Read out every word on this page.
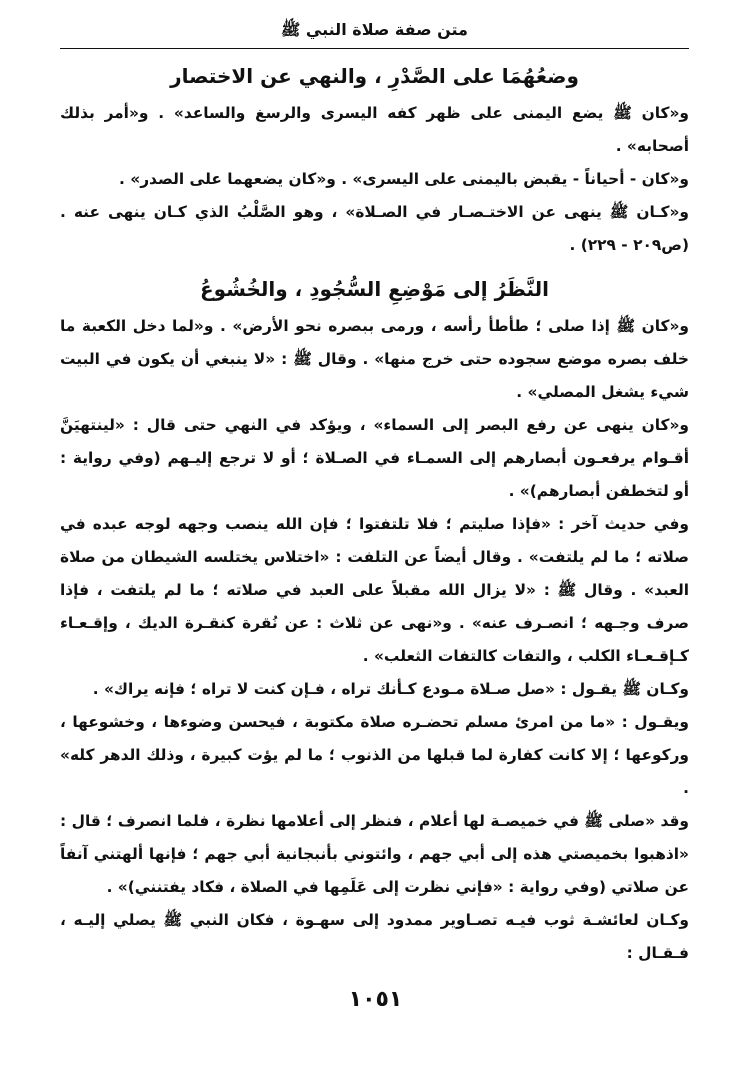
متن صفة صلاة النبي ﷺ
وضعُهُمَا على الصَّدْرِ ، والنهي عن الاختصار

و«كان ﷺ يضع اليمنى على ظهر كفه اليسرى والرسغ والساعد» . و«أمر بذلك أصحابه» .

و«كان - أحياناً - يقبض باليمنى على اليسرى» . و«كان يضعهما على الصدر» .

و«كـان ﷺ ينهى عن الاختـصـار في الصـلاة» ، وهو الصَّلْبُ الذي كـان ينهى عنه . (ص٢٠٩ - ٢٢٩) .

النَّظَرُ إلى مَوْضِعِ السُّجُودِ ، والخُشُوعُ

و«كان ﷺ إذا صلى ؛ طأطأ رأسه ، ورمى ببصره نحو الأرض» . و«لما دخل الكعبة ما خلف بصره موضع سجوده حتى خرج منها» . وقال ﷺ : «لا ينبغي أن يكون في البيت شيء يشغل المصلي» .

و«كان ينهى عن رفع البصر إلى السماء» ، ويؤكد في النهي حتى قال : «لينتهيَنَّ أقـوام يرفعـون أبصارهم إلى السمـاء في الصـلاة ؛ أو لا ترجع إليـهم (وفي رواية : أو لتخطفن أبصارهم)» .

وفي حديث آخر : «فإذا صليتم ؛ فلا تلتفتوا ؛ فإن الله ينصب وجهه لوجه عبده في صلاته ؛ ما لم يلتفت» . وقال أيضاً عن التلفت : «اختلاس يختلسه الشيطان من صلاة العبد» . وقال ﷺ : «لا يزال الله مقبلاً على العبد في صلاته ؛ ما لم يلتفت ، فإذا صرف وجـهه ؛ انصـرف عنه» . و«نهى عن ثلاث : عن نُقرة كنقـرة الديك ، وإقـعـاء كـإقـعـاء الكلب ، والتفات كالتفات الثعلب» .

وكـان ﷺ يقـول : «صل صـلاة مـودع كـأنك تراه ، فـإن كنت لا تراه ؛ فإنه يراك» .

ويقـول : «ما من امرئ مسلم تحضـره صلاة مكتوبة ، فيحسن وضوءها ، وخشوعها ، وركوعها ؛ إلا كانت كفارة لما قبلها من الذنوب ؛ ما لم يؤت كبيرة ، وذلك الدهر كله» .

وقد «صلى ﷺ في خميصـة لها أعلام ، فنظر إلى أعلامها نظرة ، فلما انصرف ؛ قال : «اذهبوا بخميصتي هذه إلى أبي جهم ، وائتوني بأنبجانية أبي جهم ؛ فإنها ألهتني آنفاً عن صلاتي (وفي رواية : «فإني نظرت إلى عَلَمِها في الصلاة ، فكاد يفتنني)» .

وكـان لعائشـة ثوب فيـه تصـاوير ممدود إلى سهـوة ، فكان النبي ﷺ يصلي إليـه ، فـقـال :

١٠٥١
